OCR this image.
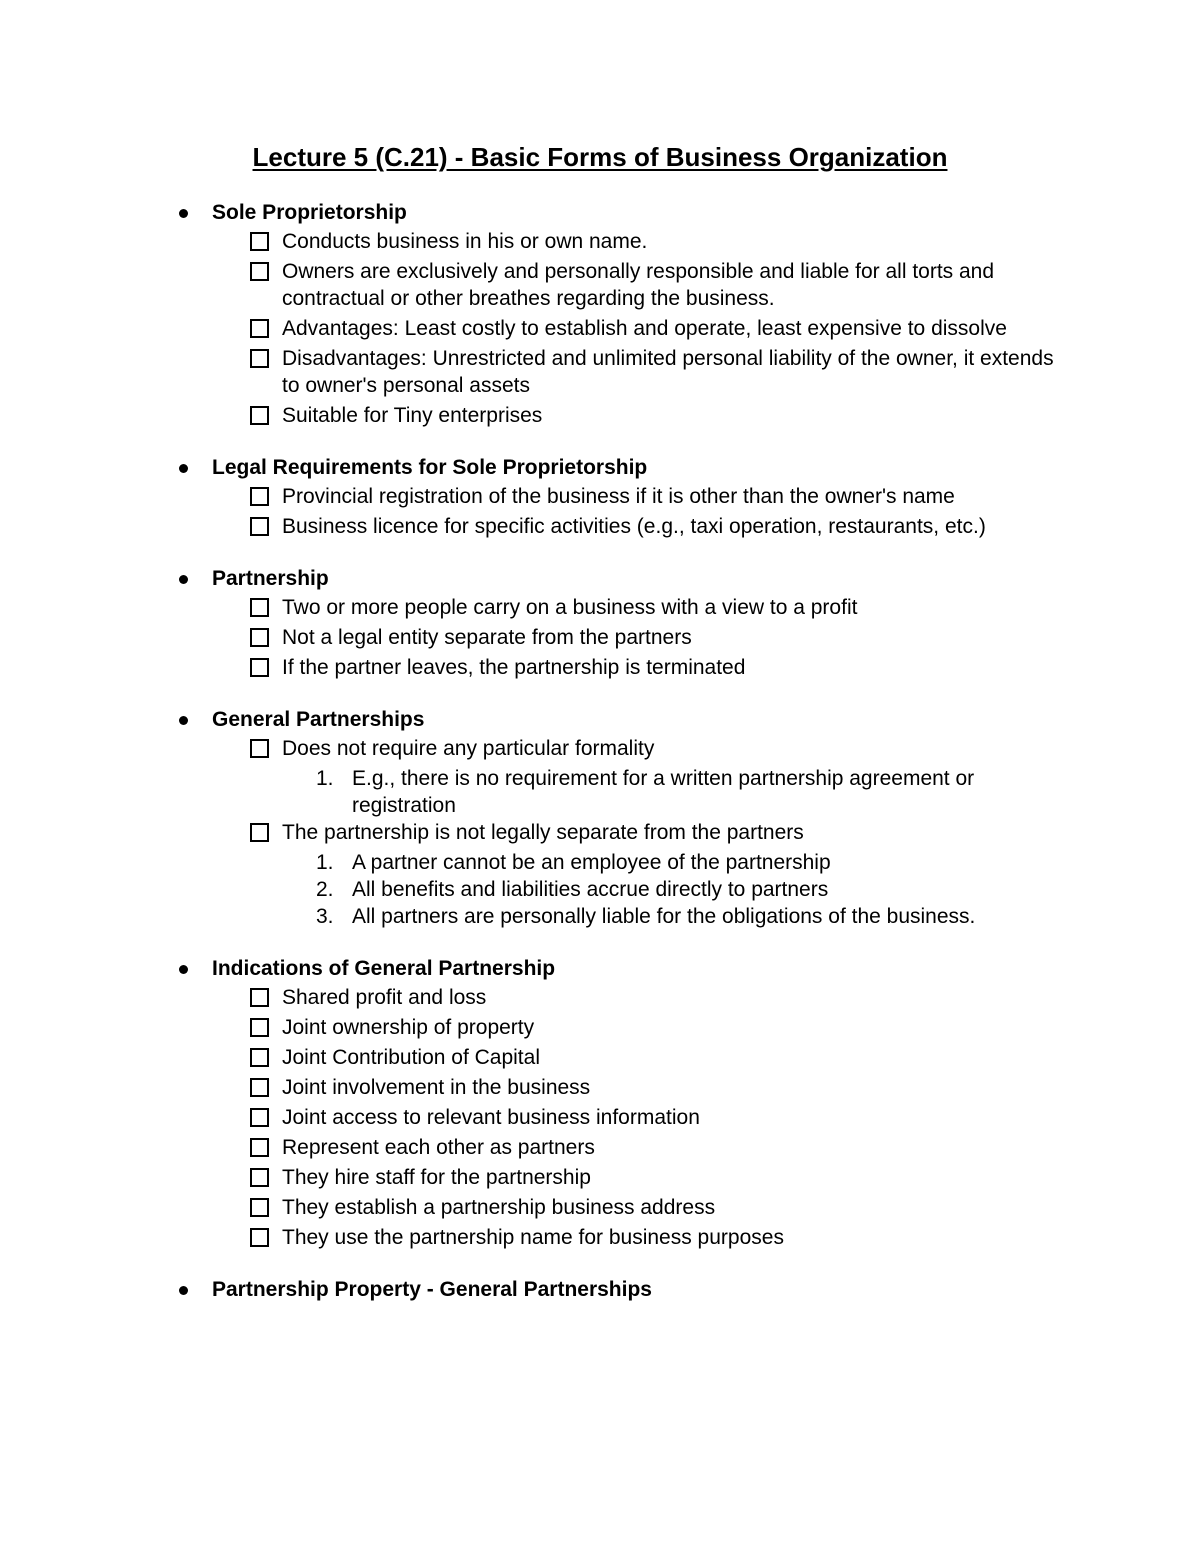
Lecture 5 (C.21) - Basic Forms of Business Organization
Sole Proprietorship
Conducts business in his or own name.
Owners are exclusively and personally responsible and liable for all torts and contractual or other breathes regarding the business.
Advantages: Least costly to establish and operate, least expensive to dissolve
Disadvantages: Unrestricted and unlimited personal liability of the owner, it extends to owner's personal assets
Suitable for Tiny enterprises
Legal Requirements for Sole Proprietorship
Provincial registration of the business if it is other than the owner's name
Business licence for specific activities (e.g., taxi operation, restaurants, etc.)
Partnership
Two or more people carry on a business with a view to a profit
Not a legal entity separate from the partners
If the partner leaves, the partnership is terminated
General Partnerships
Does not require any particular formality
1. E.g., there is no requirement for a written partnership agreement or registration
The partnership is not legally separate from the partners
1. A partner cannot be an employee of the partnership
2. All benefits and liabilities accrue directly to partners
3. All partners are personally liable for the obligations of the business.
Indications of General Partnership
Shared profit and loss
Joint ownership of property
Joint Contribution of Capital
Joint involvement in the business
Joint access to relevant business information
Represent each other as partners
They hire staff for the partnership
They establish a partnership business address
They use the partnership name for business purposes
Partnership Property - General Partnerships
